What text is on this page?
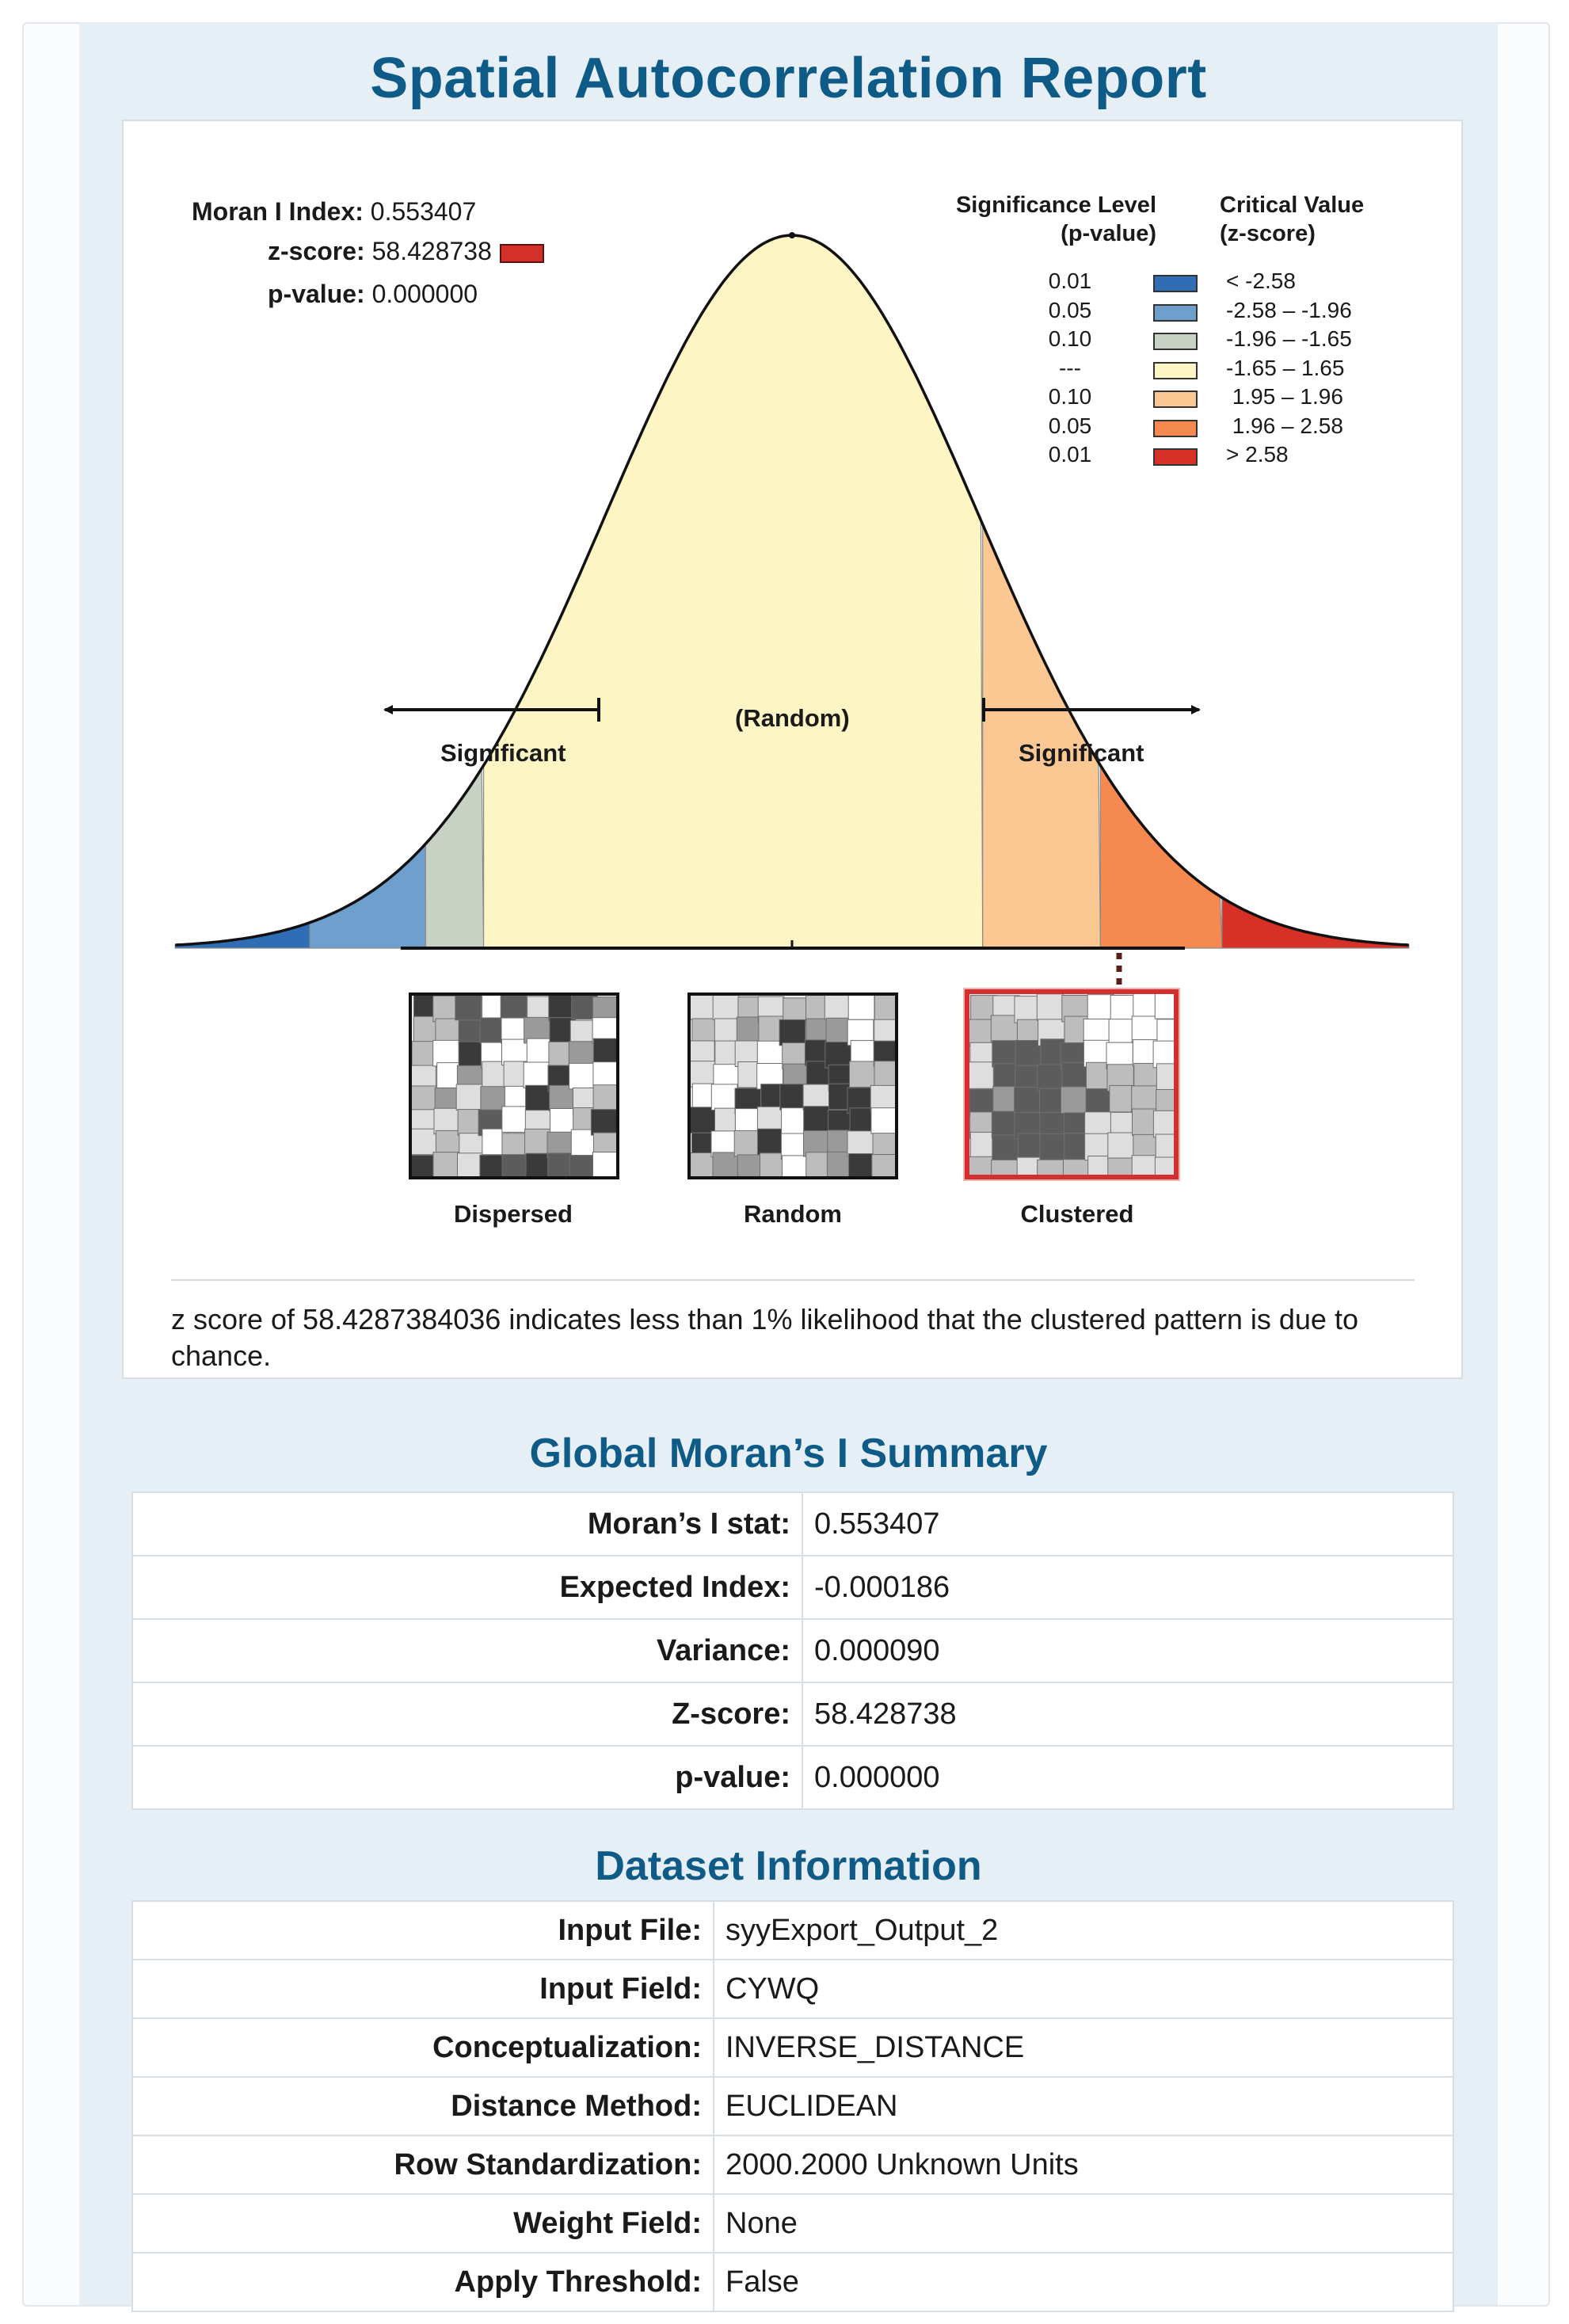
Spatial Autocorrelation Report
Moran I Index: 0.553407
z-score: 58.428738
p-value: 0.000000
Significance Level
(p-value)
Critical Value
(z-score)
0.01	< -2.58
0.05	-2.58 – -1.96
0.10	-1.96 – -1.65
---	-1.65 – 1.65
0.10	1.95 – 1.96
0.05	1.96 – 2.58
0.01	> 2.58
Significant
(Random)
Significant
Dispersed	Random	Clustered

z score of 58.4287384036 indicates less than 1% likelihood that the clustered pattern is due to chance.

Global Moran’s I Summary
Moran’s I stat:	0.553407
Expected Index:	-0.000186
Variance:	0.000090
Z-score:	58.428738
p-value:	0.000000
Dataset Information
Input File:	syyExport_Output_2
Input Field:	CYWQ
Conceptualization:	INVERSE_DISTANCE
Distance Method:	EUCLIDEAN
Row Standardization:	2000.2000 Unknown Units
Weight Field:	None
Apply Threshold:	False
